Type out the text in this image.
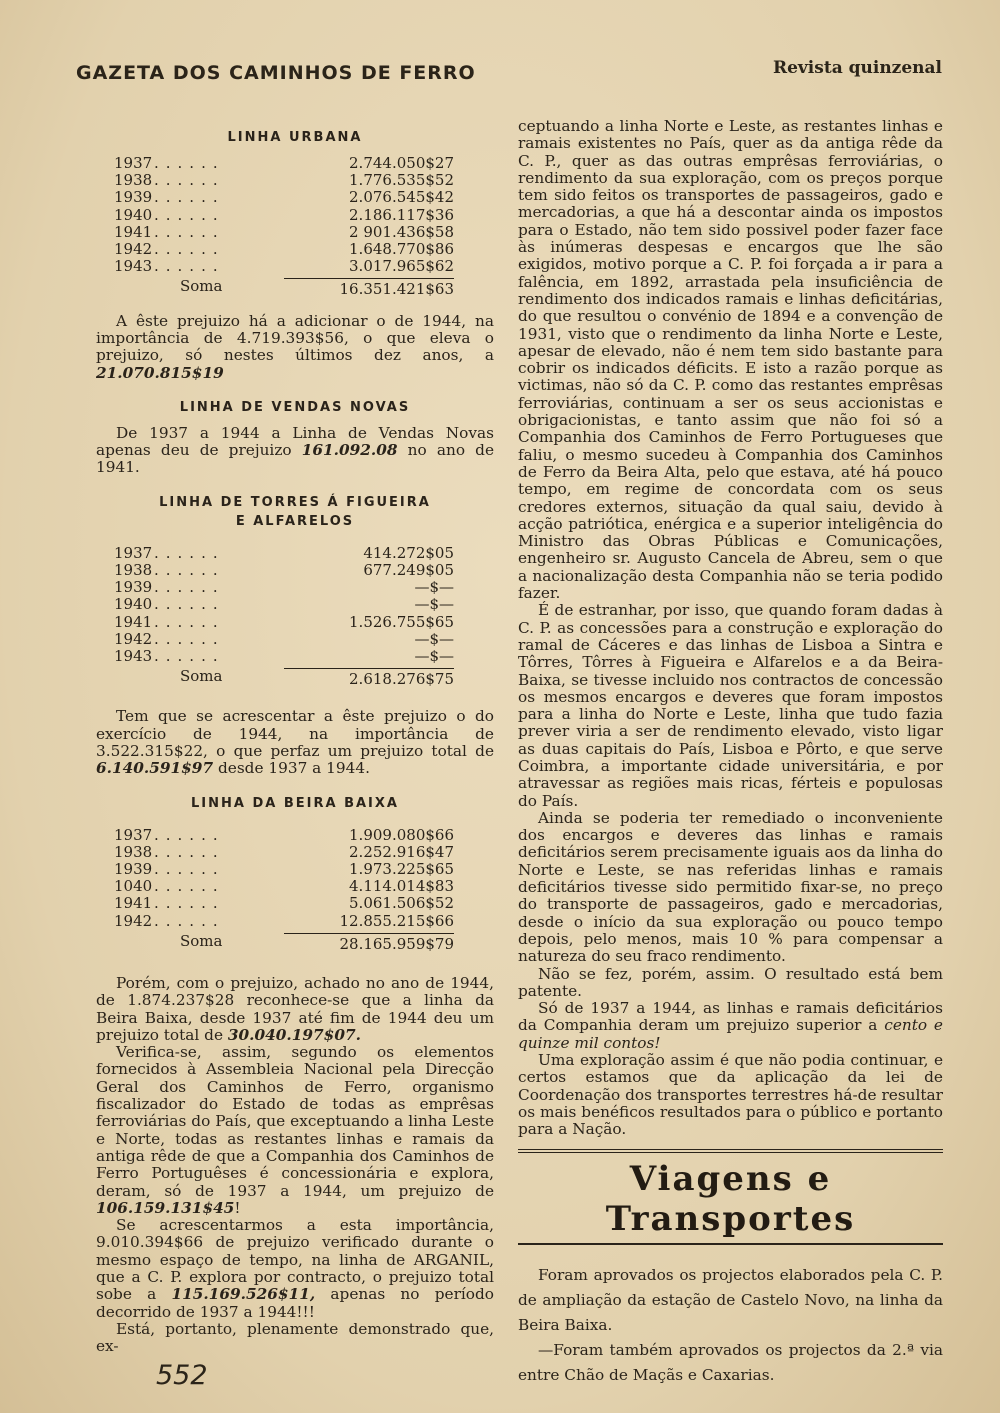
GAZETA DOS CAMINHOS DE FERRO	Revista quinzenal
LINHA URBANA
1937 ......	2.744.050$27
1938 ......	1.776.535$52
1939 ......	2.076.545$42
1940 ......	2.186.117$36
1941 ......	2 901.436$58
1942 ......	1.648.770$86
1943 ......	3.017.965$62
Soma	16.351.421$63

A êste prejuizo há a adicionar o de 1944, na importância de 4.719.393$56, o que eleva o prejuizo, só nestes últimos dez anos, a 21.070.815$19

LINHA DE VENDAS NOVAS

De 1937 a 1944 a Linha de Vendas Novas apenas deu de prejuizo 161.092.08 no ano de 1941.

LINHA DE TORRES Á FIGUEIRA
E ALFARELOS
1937 ......	414.272$05
1938 ......	677.249$05
1939 ......	—$—
1940 ......	—$—
1941 ......	1.526.755$65
1942 ......	—$—
1943 ......	—$—
Soma	2.618.276$75

Tem que se acrescentar a êste prejuizo o do exercício de 1944, na importância de 3.522.315$22, o que perfaz um prejuizo total de 6.140.591$97 desde 1937 a 1944.

LINHA DA BEIRA BAIXA
1937 ......	1.909.080$66
1938 ......	2.252.916$47
1939 ......	1.973.225$65
1040 ......	4.114.014$83
1941 ......	5.061.506$52
1942 ......	12.855.215$66
Soma	28.165.959$79

Porém, com o prejuizo, achado no ano de 1944, de 1.874.237$28 reconhece-se que a linha da Beira Baixa, desde 1937 até fim de 1944 deu um prejuizo total de 30.040.197$07.

Verifica-se, assim, segundo os elementos fornecidos à Assembleia Nacional pela Direcção Geral dos Caminhos de Ferro, organismo fiscalizador do Estado de todas as emprêsas ferroviárias do País, que exceptuando a linha Leste e Norte, todas as restantes linhas e ramais da antiga rêde de que a Companhia dos Caminhos de Ferro Portuguêses é concessionária e explora, deram, só de 1937 a 1944, um prejuizo de 106.159.131$45!

Se acrescentarmos a esta importância, 9.010.394$66 de prejuizo verificado durante o mesmo espaço de tempo, na linha de ARGANIL, que a C. P. explora por contracto, o prejuizo total sobe a 115.169.526$11, apenas no período decorrido de 1937 a 1944!!!

Está, portanto, plenamente demonstrado que, ex-

ceptuando a linha Norte e Leste, as restantes linhas e ramais existentes no País, quer as da antiga rêde da C. P., quer as das outras emprêsas ferroviárias, o rendimento da sua exploração, com os preços porque tem sido feitos os transportes de passageiros, gado e mercadorias, a que há a descontar ainda os impostos para o Estado, não tem sido possivel poder fazer face às inúmeras despesas e encargos que lhe são exigidos, motivo porque a C. P. foi forçada a ir para a falência, em 1892, arrastada pela insuficiência de rendimento dos indicados ramais e linhas deficitárias, do que resultou o convénio de 1894 e a convenção de 1931, visto que o rendimento da linha Norte e Leste, apesar de elevado, não é nem tem sido bastante para cobrir os indicados déficits. E isto a razão porque as victimas, não só da C. P. como das restantes emprêsas ferroviárias, continuam a ser os seus accionistas e obrigacionistas, e tanto assim que não foi só a Companhia dos Caminhos de Ferro Portugueses que faliu, o mesmo sucedeu à Companhia dos Caminhos de Ferro da Beira Alta, pelo que estava, até há pouco tempo, em regime de concordata com os seus credores externos, situação da qual saiu, devido à acção patriótica, enérgica e a superior inteligência do Ministro das Obras Públicas e Comunicações, engenheiro sr. Augusto Cancela de Abreu, sem o que a nacionalização desta Companhia não se teria podido fazer.

É de estranhar, por isso, que quando foram dadas à C. P. as concessões para a construção e exploração do ramal de Cáceres e das linhas de Lisboa a Sintra e Tôrres, Tôrres à Figueira e Alfarelos e a da Beira-Baixa, se tivesse incluido nos contractos de concessão os mesmos encargos e deveres que foram impostos para a linha do Norte e Leste, linha que tudo fazia prever viria a ser de rendimento elevado, visto ligar as duas capitais do País, Lisboa e Pôrto, e que serve Coimbra, a importante cidade universitária, e por atravessar as regiões mais ricas, férteis e populosas do País.

Ainda se poderia ter remediado o inconveniente dos encargos e deveres das linhas e ramais deficitários serem precisamente iguais aos da linha do Norte e Leste, se nas referidas linhas e ramais deficitários tivesse sido permitido fixar-se, no preço do transporte de passageiros, gado e mercadorias, desde o início da sua exploração ou pouco tempo depois, pelo menos, mais 10 % para compensar a natureza do seu fraco rendimento.

Não se fez, porém, assim. O resultado está bem patente.

Só de 1937 a 1944, as linhas e ramais deficitários da Companhia deram um prejuizo superior a cento e quinze mil contos!

Uma exploração assim é que não podia continuar, e certos estamos que da aplicação da lei de Coordenação dos transportes terrestres há-de resultar os mais benéficos resultados para o público e portanto para a Nação.

Viagens e Transportes

Foram aprovados os projectos elaborados pela C. P. de ampliação da estação de Castelo Novo, na linha da Beira Baixa.

—Foram também aprovados os projectos da 2.ª via entre Chão de Maçãs e Caxarias.

552
